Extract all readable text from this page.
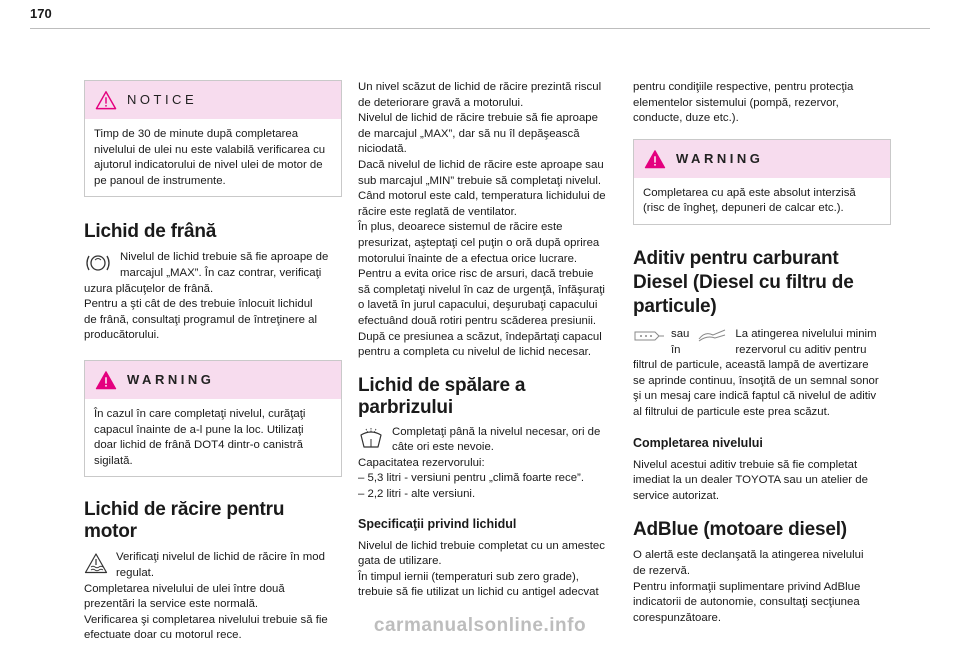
170
NOTICE
Timp de 30 de minute după completarea
nivelului de ulei nu este valabilă verificarea cu
ajutorul indicatorului de nivel ulei de motor de
pe panoul de instrumente.
Lichid de frână

Nivelul de lichid trebuie să fie aproape de
marcajul „MAX”. În caz contrar, verificaţi
uzura plăcuţelor de frână.
Pentru a şti cât de des trebuie înlocuit lichidul
de frână, consultaţi programul de întreţinere al
producătorului.

WARNING
În cazul în care completaţi nivelul, curăţaţi
capacul înainte de a-l pune la loc. Utilizaţi
doar lichid de frână DOT4 dintr-o canistră
sigilată.
Lichid de răcire pentru
motor

Verificaţi nivelul de lichid de răcire în mod
regulat.
Completarea nivelului de ulei între două
prezentări la service este normală.
Verificarea şi completarea nivelului trebuie să fie
efectuate doar cu motorul rece.

Un nivel scăzut de lichid de răcire prezintă riscul
de deteriorare gravă a motorului.
Nivelul de lichid de răcire trebuie să fie aproape
de marcajul „MAX”, dar să nu îl depăşească
niciodată.
Dacă nivelul de lichid de răcire este aproape sau
sub marcajul „MIN” trebuie să completaţi nivelul.
Când motorul este cald, temperatura lichidului de
răcire este reglată de ventilator.
În plus, deoarece sistemul de răcire este
presurizat, aşteptaţi cel puţin o oră după oprirea
motorului înainte de a efectua orice lucrare.
Pentru a evita orice risc de arsuri, dacă trebuie
să completaţi nivelul în caz de urgenţă, înfăşuraţi
o lavetă în jurul capacului, deşurubaţi capacului
efectuând două rotiri pentru scăderea presiunii.
După ce presiunea a scăzut, îndepărtaţi capacul
pentru a completa cu nivelul de lichid necesar.

Lichid de spălare a
parbrizului

Completaţi până la nivelul necesar, ori de
câte ori este nevoie.
Capacitatea rezervorului:

– 5,3 litri - versiuni pentru „climă foarte rece”.

– 2,2 litri - alte versiuni.

Specificaţii privind lichidul

Nivelul de lichid trebuie completat cu un amestec
gata de utilizare.
În timpul iernii (temperaturi sub zero grade),
trebuie să fie utilizat un lichid cu antigel adecvat

pentru condiţiile respective, pentru protecţia
elementelor sistemului (pompă, rezervor,
conducte, duze etc.).

WARNING
Completarea cu apă este absolut interzisă
(risc de îngheţ, depuneri de calcar etc.).
Aditiv pentru carburant
Diesel (Diesel cu filtru de
particule)
sau
în

La atingerea nivelului minim
rezervorul cu aditiv pentru

filtrul de particule, această lampă de avertizare
se aprinde continuu, însoţită de un semnal sonor
şi un mesaj care indică faptul că nivelul de aditiv
al filtrului de particule este prea scăzut.

Completarea nivelului

Nivelul acestui aditiv trebuie să fie completat
imediat la un dealer TOYOTA sau un atelier de
service autorizat.

AdBlue (motoare diesel)

O alertă este declanşată la atingerea nivelului
de rezervă.
Pentru informaţii suplimentare privind AdBlue
indicatorii de autonomie, consultaţi secţiunea
corespunzătoare.

carmanualsonline.info
